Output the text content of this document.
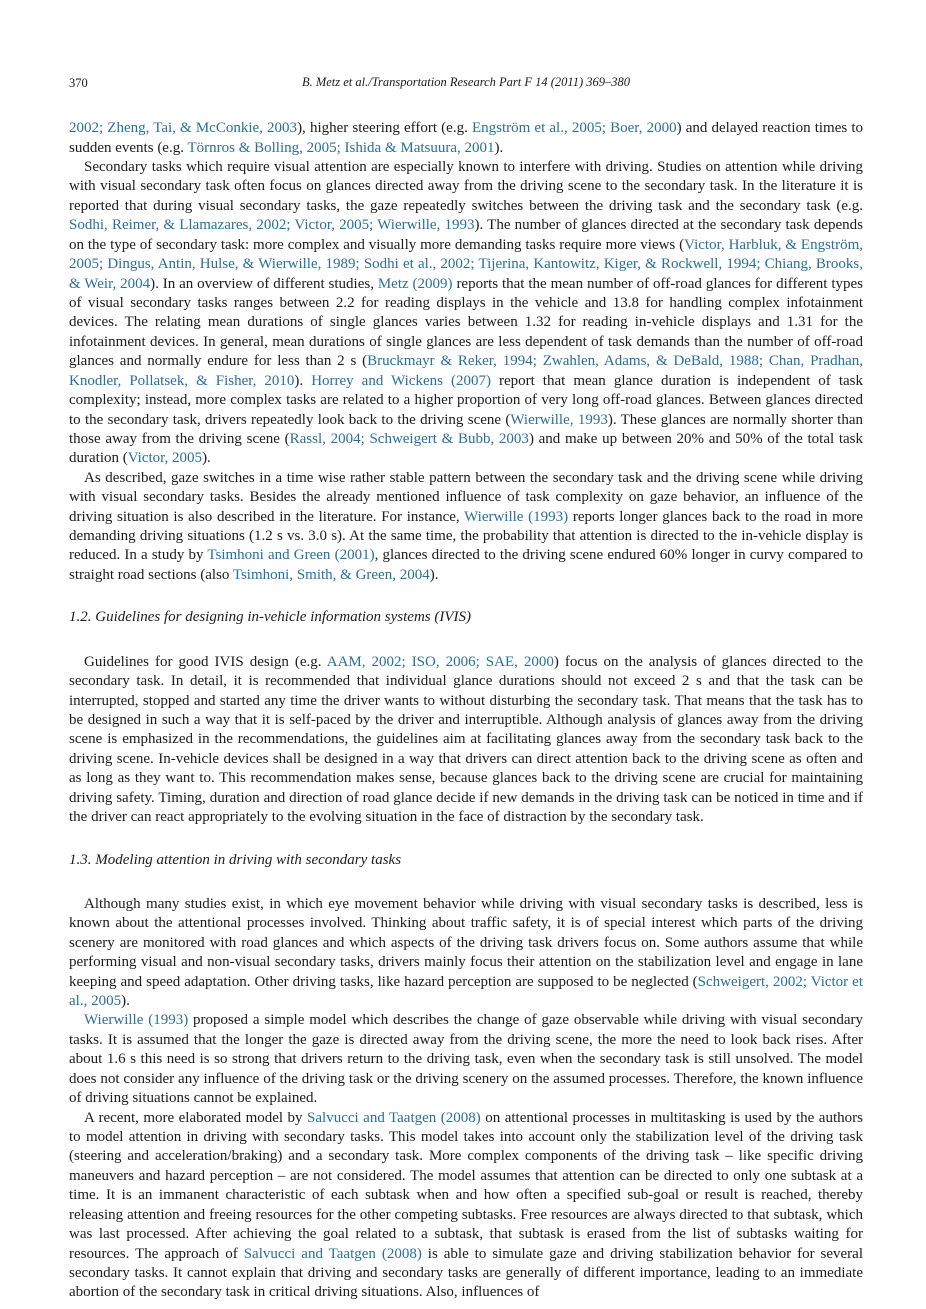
370	B. Metz et al./Transportation Research Part F 14 (2011) 369–380

2002; Zheng, Tai, & McConkie, 2003), higher steering effort (e.g. Engström et al., 2005; Boer, 2000) and delayed reaction times to sudden events (e.g. Törnros & Bolling, 2005; Ishida & Matsuura, 2001).

Secondary tasks which require visual attention are especially known to interfere with driving. Studies on attention while driving with visual secondary task often focus on glances directed away from the driving scene to the secondary task. In the literature it is reported that during visual secondary tasks, the gaze repeatedly switches between the driving task and the secondary task (e.g. Sodhi, Reimer, & Llamazares, 2002; Victor, 2005; Wierwille, 1993). The number of glances directed at the secondary task depends on the type of secondary task: more complex and visually more demanding tasks require more views (Victor, Harbluk, & Engström, 2005; Dingus, Antin, Hulse, & Wierwille, 1989; Sodhi et al., 2002; Tijerina, Kantowitz, Kiger, & Rockwell, 1994; Chiang, Brooks, & Weir, 2004). In an overview of different studies, Metz (2009) reports that the mean number of off-road glances for different types of visual secondary tasks ranges between 2.2 for reading displays in the vehicle and 13.8 for handling complex infotainment devices. The relating mean durations of single glances varies between 1.32 for reading in-vehicle displays and 1.31 for the infotainment devices. In general, mean durations of single glances are less dependent of task demands than the number of off-road glances and normally endure for less than 2 s (Bruckmayr & Reker, 1994; Zwahlen, Adams, & DeBald, 1988; Chan, Pradhan, Knodler, Pollatsek, & Fisher, 2010). Horrey and Wickens (2007) report that mean glance duration is independent of task complexity; instead, more complex tasks are related to a higher proportion of very long off-road glances. Between glances directed to the secondary task, drivers repeatedly look back to the driving scene (Wierwille, 1993). These glances are normally shorter than those away from the driving scene (Rassl, 2004; Schweigert & Bubb, 2003) and make up between 20% and 50% of the total task duration (Victor, 2005).

As described, gaze switches in a time wise rather stable pattern between the secondary task and the driving scene while driving with visual secondary tasks. Besides the already mentioned influence of task complexity on gaze behavior, an influence of the driving situation is also described in the literature. For instance, Wierwille (1993) reports longer glances back to the road in more demanding driving situations (1.2 s vs. 3.0 s). At the same time, the probability that attention is directed to the in-vehicle display is reduced. In a study by Tsimhoni and Green (2001), glances directed to the driving scene endured 60% longer in curvy compared to straight road sections (also Tsimhoni, Smith, & Green, 2004).

1.2. Guidelines for designing in-vehicle information systems (IVIS)

Guidelines for good IVIS design (e.g. AAM, 2002; ISO, 2006; SAE, 2000) focus on the analysis of glances directed to the secondary task. In detail, it is recommended that individual glance durations should not exceed 2 s and that the task can be interrupted, stopped and started any time the driver wants to without disturbing the secondary task. That means that the task has to be designed in such a way that it is self-paced by the driver and interruptible. Although analysis of glances away from the driving scene is emphasized in the recommendations, the guidelines aim at facilitating glances away from the secondary task back to the driving scene. In-vehicle devices shall be designed in a way that drivers can direct attention back to the driving scene as often and as long as they want to. This recommendation makes sense, because glances back to the driving scene are crucial for maintaining driving safety. Timing, duration and direction of road glance decide if new demands in the driving task can be noticed in time and if the driver can react appropriately to the evolving situation in the face of distraction by the secondary task.

1.3. Modeling attention in driving with secondary tasks

Although many studies exist, in which eye movement behavior while driving with visual secondary tasks is described, less is known about the attentional processes involved. Thinking about traffic safety, it is of special interest which parts of the driving scenery are monitored with road glances and which aspects of the driving task drivers focus on. Some authors assume that while performing visual and non-visual secondary tasks, drivers mainly focus their attention on the stabilization level and engage in lane keeping and speed adaptation. Other driving tasks, like hazard perception are supposed to be neglected (Schweigert, 2002; Victor et al., 2005).

Wierwille (1993) proposed a simple model which describes the change of gaze observable while driving with visual secondary tasks. It is assumed that the longer the gaze is directed away from the driving scene, the more the need to look back rises. After about 1.6 s this need is so strong that drivers return to the driving task, even when the secondary task is still unsolved. The model does not consider any influence of the driving task or the driving scenery on the assumed processes. Therefore, the known influence of driving situations cannot be explained.

A recent, more elaborated model by Salvucci and Taatgen (2008) on attentional processes in multitasking is used by the authors to model attention in driving with secondary tasks. This model takes into account only the stabilization level of the driving task (steering and acceleration/braking) and a secondary task. More complex components of the driving task – like specific driving maneuvers and hazard perception – are not considered. The model assumes that attention can be directed to only one subtask at a time. It is an immanent characteristic of each subtask when and how often a specified sub-goal or result is reached, thereby releasing attention and freeing resources for the other competing subtasks. Free resources are always directed to that subtask, which was last processed. After achieving the goal related to a subtask, that subtask is erased from the list of subtasks waiting for resources. The approach of Salvucci and Taatgen (2008) is able to simulate gaze and driving stabilization behavior for several secondary tasks. It cannot explain that driving and secondary tasks are generally of different importance, leading to an immediate abortion of the secondary task in critical driving situations. Also, influences of
